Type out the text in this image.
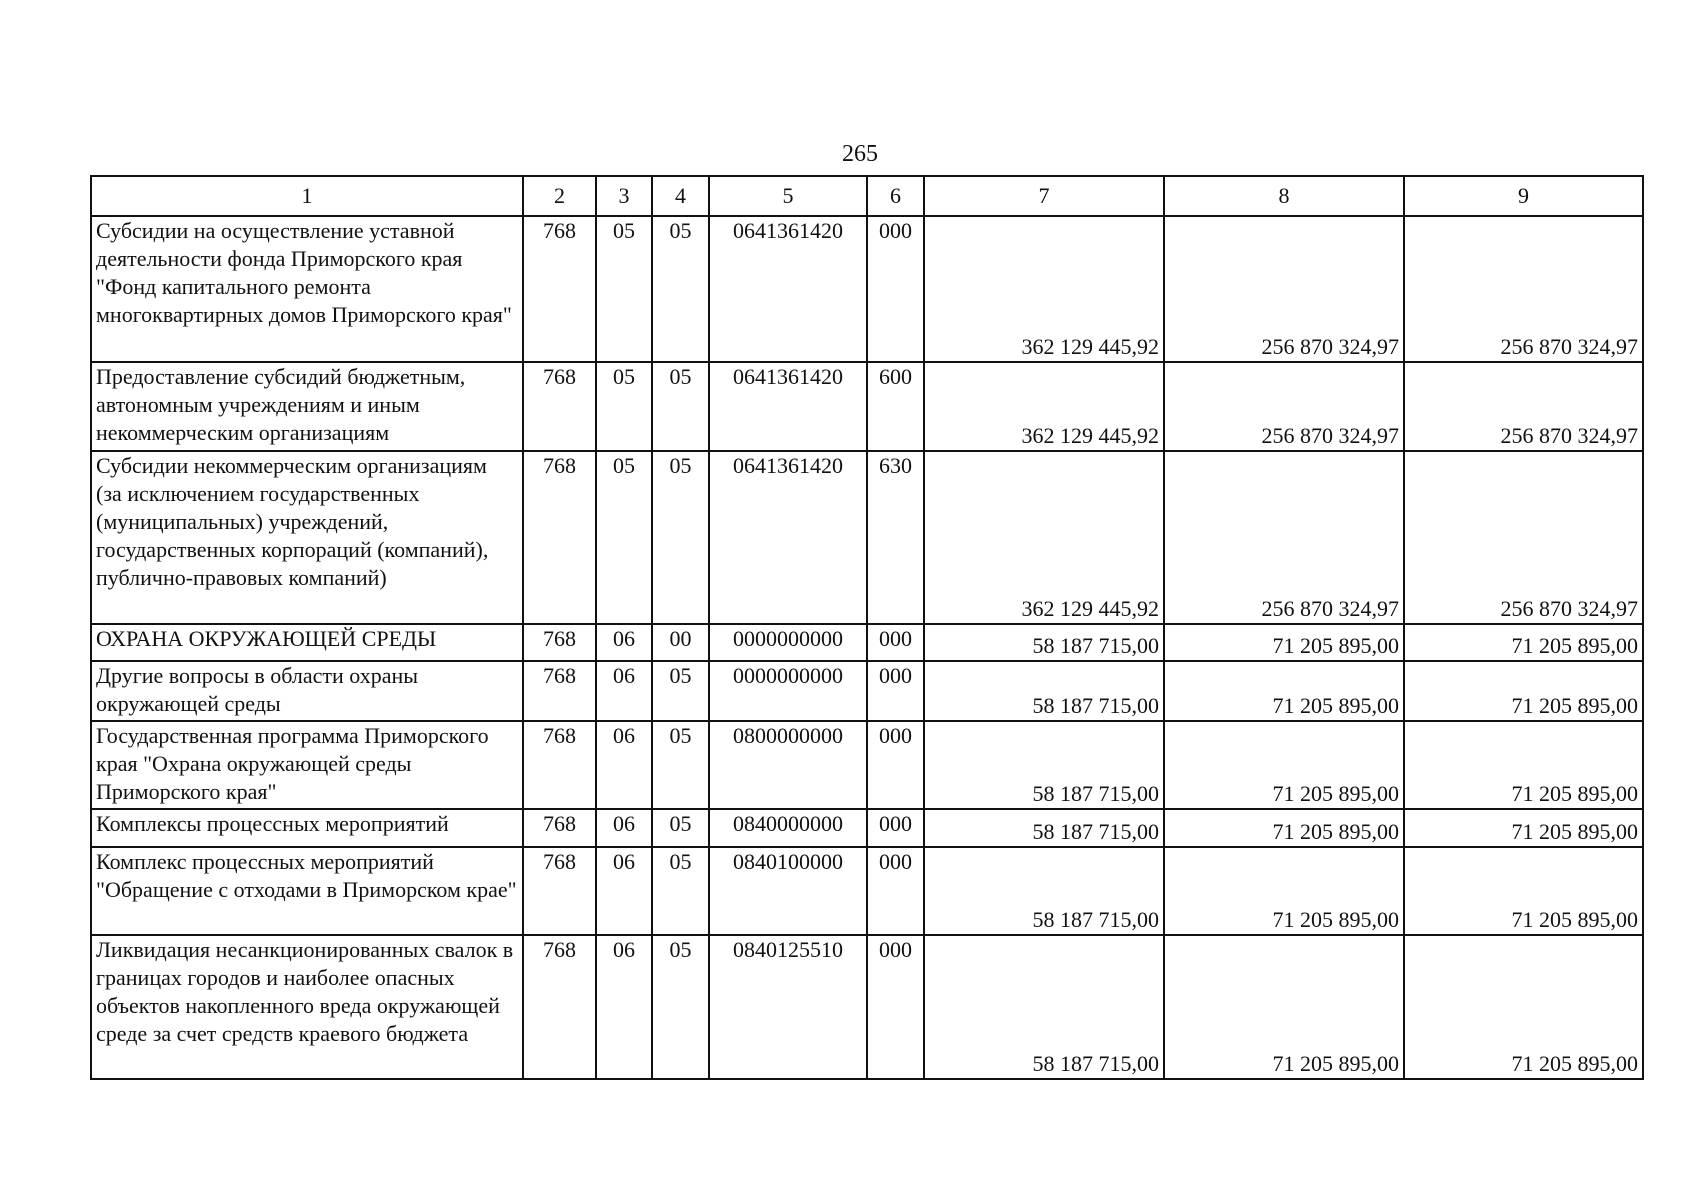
265
1	2	3	4	5	6	7	8	9
Субсидии на осуществление уставной деятельности фонда Приморского края "Фонд капитального ремонта многоквартирных домов Приморского края"	768	05	05	0641361420	000	362 129 445,92	256 870 324,97	256 870 324,97
Предоставление субсидий бюджетным, автономным учреждениям и иным некоммерческим организациям	768	05	05	0641361420	600	362 129 445,92	256 870 324,97	256 870 324,97
Субсидии некоммерческим организациям (за исключением государственных (муниципальных) учреждений, государственных корпораций (компаний), публично-правовых компаний)	768	05	05	0641361420	630	362 129 445,92	256 870 324,97	256 870 324,97
ОХРАНА ОКРУЖАЮЩЕЙ СРЕДЫ	768	06	00	0000000000	000	58 187 715,00	71 205 895,00	71 205 895,00
Другие вопросы в области охраны окружающей среды	768	06	05	0000000000	000	58 187 715,00	71 205 895,00	71 205 895,00
Государственная программа Приморского края "Охрана окружающей среды Приморского края"	768	06	05	0800000000	000	58 187 715,00	71 205 895,00	71 205 895,00
Комплексы процессных мероприятий	768	06	05	0840000000	000	58 187 715,00	71 205 895,00	71 205 895,00
Комплекс процессных мероприятий "Обращение с отходами в Приморском крае"	768	06	05	0840100000	000	58 187 715,00	71 205 895,00	71 205 895,00
Ликвидация несанкционированных свалок в границах городов и наиболее опасных объектов накопленного вреда окружающей среде за счет средств краевого бюджета	768	06	05	0840125510	000	58 187 715,00	71 205 895,00	71 205 895,00
